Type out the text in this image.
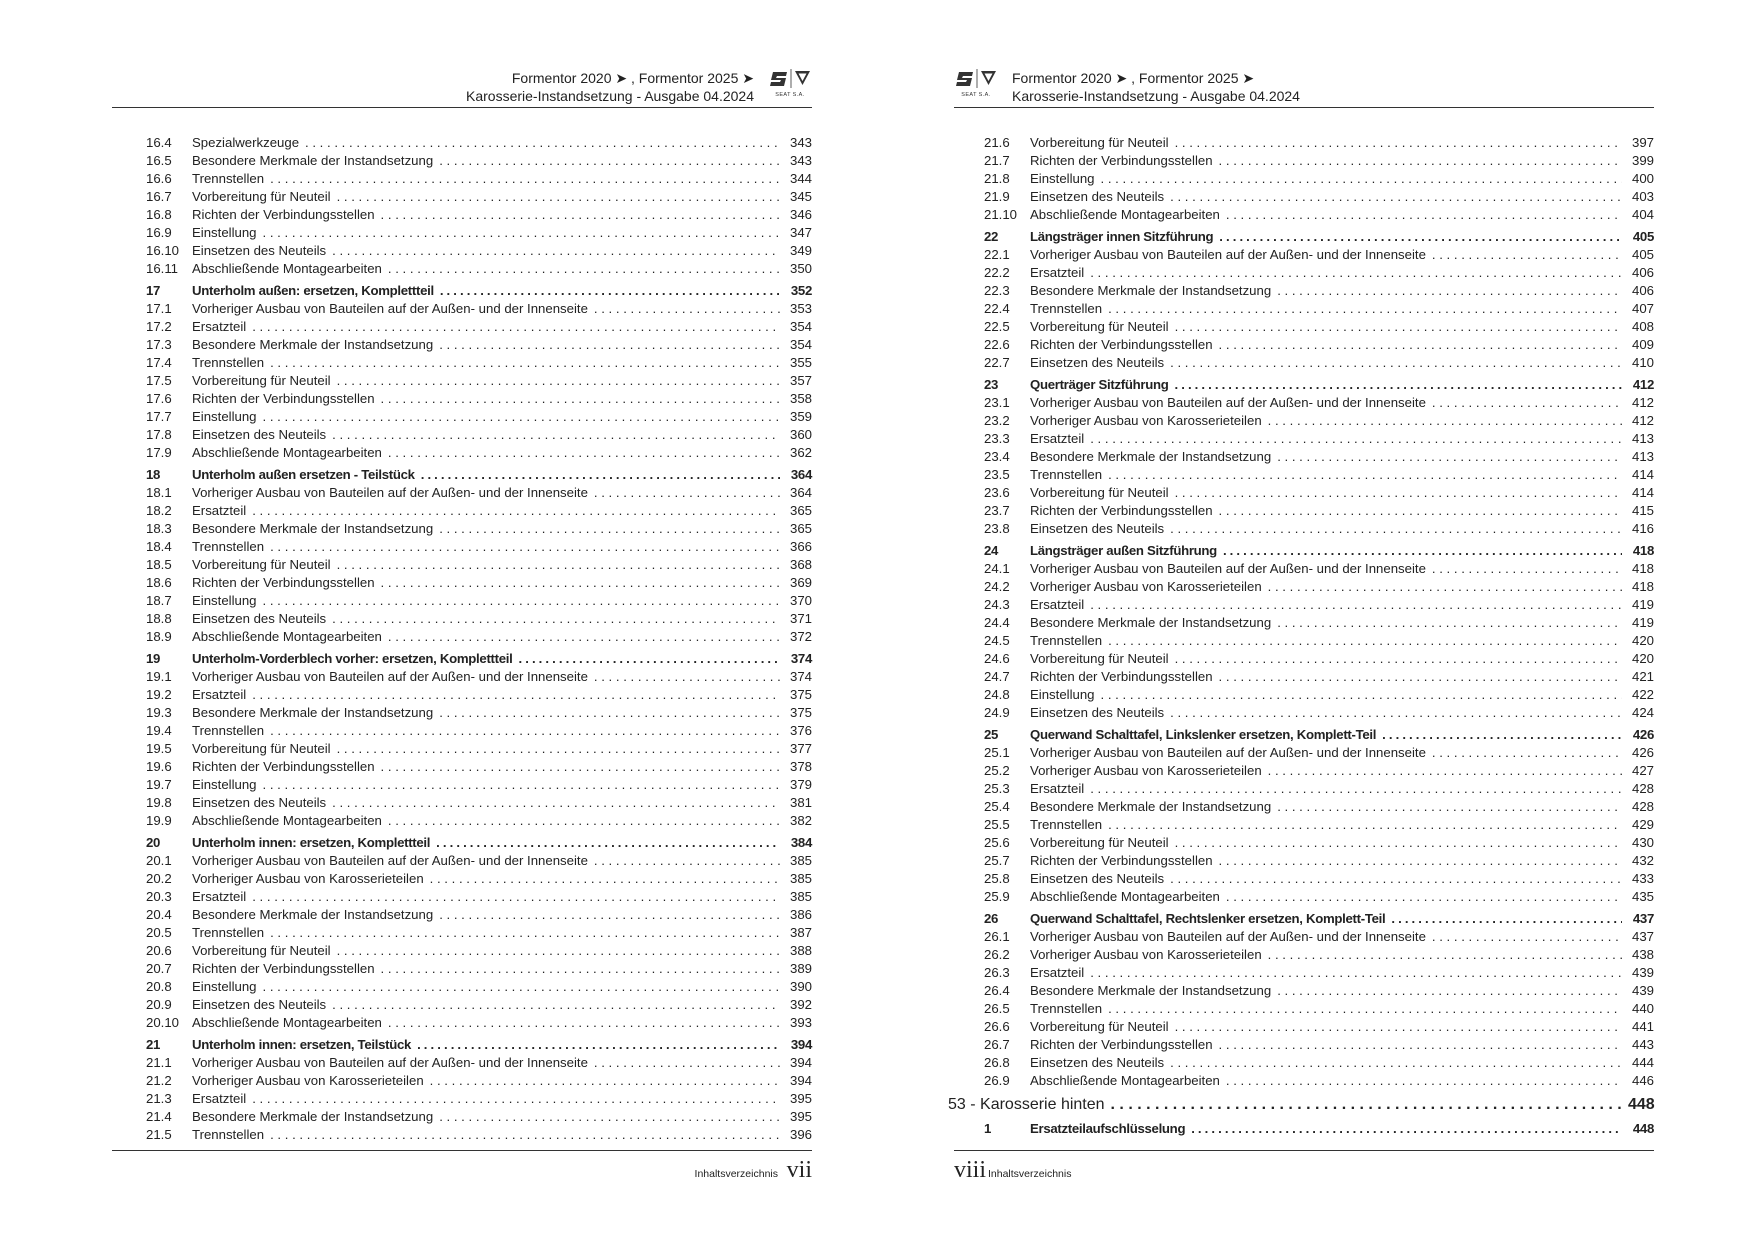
Formentor 2020 ➤ , Formentor 2025 ➤
Karosserie-Instandsetzung - Ausgabe 04.2024	SEAT S.A.
16.4	Spezialwerkzeuge . . .	343
16.5	Besondere Merkmale der Instandsetzung . . .	343
16.6	Trennstellen . . .	344
16.7	Vorbereitung für Neuteil . . .	345
16.8	Richten der Verbindungsstellen . . .	346
16.9	Einstellung . . .	347
16.10 Einsetzen des Neuteils . . .	349
16.11	Abschließende Montagearbeiten . . .	350
17	Unterholm außen: ersetzen, Komplettteil . . .	352
17.1	Vorheriger Ausbau von Bauteilen auf der Außen- und der Innenseite . . .	353
17.2	Ersatzteil . . .	354
17.3	Besondere Merkmale der Instandsetzung . . .	354
17.4	Trennstellen . . .	355
17.5	Vorbereitung für Neuteil . . .	357
17.6	Richten der Verbindungsstellen . . .	358
17.7	Einstellung . . .	359
17.8	Einsetzen des Neuteils . . .	360
17.9	Abschließende Montagearbeiten . . .	362
18	Unterholm außen ersetzen - Teilstück . . .	364
18.1	Vorheriger Ausbau von Bauteilen auf der Außen- und der Innenseite . . .	364
18.2	Ersatzteil . . .	365
18.3	Besondere Merkmale der Instandsetzung . . .	365
18.4	Trennstellen . . .	366
18.5	Vorbereitung für Neuteil . . .	368
18.6	Richten der Verbindungsstellen . . .	369
18.7	Einstellung . . .	370
18.8	Einsetzen des Neuteils . . .	371
18.9	Abschließende Montagearbeiten . . .	372
19	Unterholm-Vorderblech vorher: ersetzen, Komplettteil . . .	374
19.1	Vorheriger Ausbau von Bauteilen auf der Außen- und der Innenseite . . .	374
19.2	Ersatzteil . . .	375
19.3	Besondere Merkmale der Instandsetzung . . .	375
19.4	Trennstellen . . .	376
19.5	Vorbereitung für Neuteil . . .	377
19.6	Richten der Verbindungsstellen . . .	378
19.7	Einstellung . . .	379
19.8	Einsetzen des Neuteils . . .	381
19.9	Abschließende Montagearbeiten . . .	382
20	Unterholm innen: ersetzen, Komplettteil . . .	384
20.1	Vorheriger Ausbau von Bauteilen auf der Außen- und der Innenseite . . .	385
20.2	Vorheriger Ausbau von Karosserieteilen . . .	385
20.3	Ersatzteil . . .	385
20.4	Besondere Merkmale der Instandsetzung . . .	386
20.5	Trennstellen . . .	387
20.6	Vorbereitung für Neuteil . . .	388
20.7	Richten der Verbindungsstellen . . .	389
20.8	Einstellung . . .	390
20.9	Einsetzen des Neuteils . . .	392
20.10 Abschließende Montagearbeiten . . .	393
21	Unterholm innen: ersetzen, Teilstück . . .	394
21.1	Vorheriger Ausbau von Bauteilen auf der Außen- und der Innenseite . . .	394
21.2	Vorheriger Ausbau von Karosserieteilen . . .	394
21.3	Ersatzteil . . .	395
21.4	Besondere Merkmale der Instandsetzung . . .	395
21.5	Trennstellen . . .	396
Inhaltsverzeichnis vii
SEAT S.A.
Formentor 2020 ➤ , Formentor 2025 ➤
Karosserie-Instandsetzung - Ausgabe 04.2024
21.6	Vorbereitung für Neuteil . . .	397
21.7	Richten der Verbindungsstellen . . .	399
21.8	Einstellung . . .	400
21.9	Einsetzen des Neuteils . . .	403
21.10 Abschließende Montagearbeiten . . .	404
22	Längsträger innen Sitzführung . . .	405
22.1	Vorheriger Ausbau von Bauteilen auf der Außen- und der Innenseite . . .	405
22.2	Ersatzteil . . .	406
22.3	Besondere Merkmale der Instandsetzung . . .	406
22.4	Trennstellen . . .	407
22.5	Vorbereitung für Neuteil . . .	408
22.6	Richten der Verbindungsstellen . . .	409
22.7	Einsetzen des Neuteils . . .	410
23	Querträger Sitzführung . . .	412
23.1	Vorheriger Ausbau von Bauteilen auf der Außen- und der Innenseite . . .	412
23.2	Vorheriger Ausbau von Karosserieteilen . . .	412
23.3	Ersatzteil . . .	413
23.4	Besondere Merkmale der Instandsetzung . . .	413
23.5	Trennstellen . . .	414
23.6	Vorbereitung für Neuteil . . .	414
23.7	Richten der Verbindungsstellen . . .	415
23.8	Einsetzen des Neuteils . . .	416
24	Längsträger außen Sitzführung . . .	418
24.1	Vorheriger Ausbau von Bauteilen auf der Außen- und der Innenseite . . .	418
24.2	Vorheriger Ausbau von Karosserieteilen . . .	418
24.3	Ersatzteil . . .	419
24.4	Besondere Merkmale der Instandsetzung . . .	419
24.5	Trennstellen . . .	420
24.6	Vorbereitung für Neuteil . . .	420
24.7	Richten der Verbindungsstellen . . .	421
24.8	Einstellung . . .	422
24.9	Einsetzen des Neuteils . . .	424
25	Querwand Schalttafel, Linkslenker ersetzen, Komplett-Teil . . .	426
25.1	Vorheriger Ausbau von Bauteilen auf der Außen- und der Innenseite . . .	426
25.2	Vorheriger Ausbau von Karosserieteilen . . .	427
25.3	Ersatzteil . . .	428
25.4	Besondere Merkmale der Instandsetzung . . .	428
25.5	Trennstellen . . .	429
25.6	Vorbereitung für Neuteil . . .	430
25.7	Richten der Verbindungsstellen . . .	432
25.8	Einsetzen des Neuteils . . .	433
25.9	Abschließende Montagearbeiten . . .	435
26	Querwand Schalttafel, Rechtslenker ersetzen, Komplett-Teil . . .	437
26.1	Vorheriger Ausbau von Bauteilen auf der Außen- und der Innenseite . . .	437
26.2	Vorheriger Ausbau von Karosserieteilen . . .	438
26.3	Ersatzteil . . .	439
26.4	Besondere Merkmale der Instandsetzung . . .	439
26.5	Trennstellen . . .	440
26.6	Vorbereitung für Neuteil . . .	441
26.7	Richten der Verbindungsstellen . . .	443
26.8	Einsetzen des Neuteils . . .	444
26.9	Abschließende Montagearbeiten . . .	446
53 - Karosserie hinten . . .	448
1	Ersatzteilaufschlüsselung . . .	448
viii Inhaltsverzeichnis
